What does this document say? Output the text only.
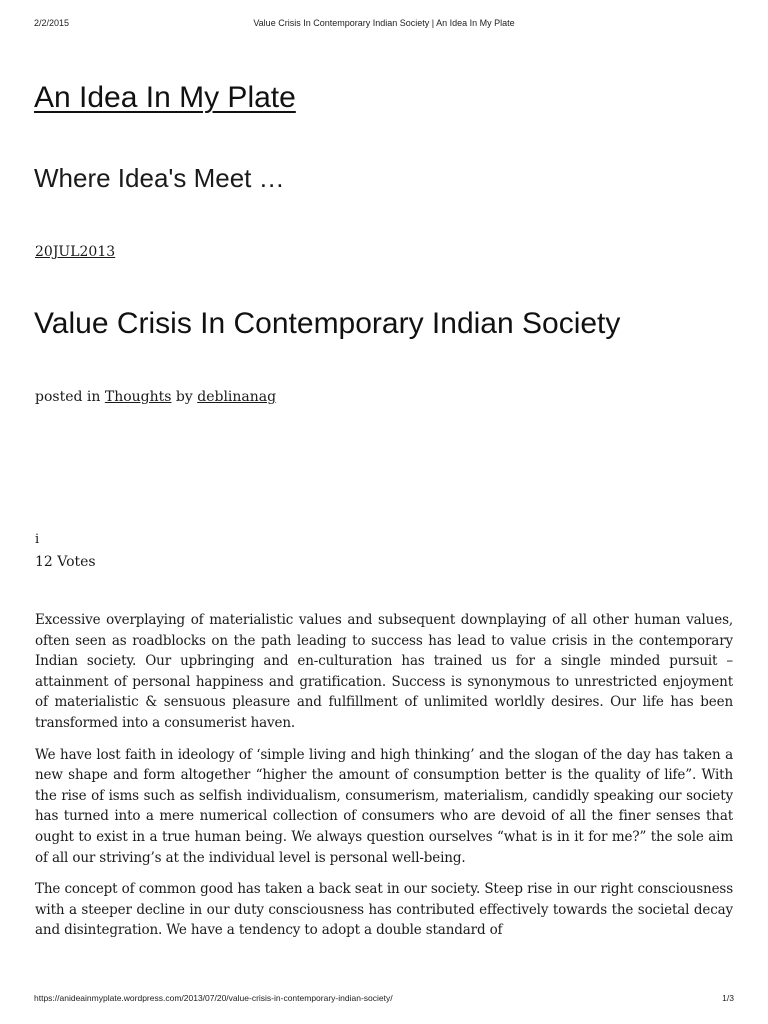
2/2/2015	Value Crisis In Contemporary Indian Society | An Idea In My Plate
An Idea In My Plate
Where Idea's Meet …
20JUL2013
Value Crisis In Contemporary Indian Society
posted in Thoughts by deblinanag
i
12 Votes

Excessive overplaying of materialistic values and subsequent downplaying of all other human values, often seen as roadblocks on the path leading to success has lead to value crisis in the contemporary Indian society. Our upbringing and en-culturation has trained us for a single minded pursuit – attainment of personal happiness and gratification. Success is synonymous to unrestricted enjoyment of materialistic & sensuous pleasure and fulfillment of unlimited worldly desires. Our life has been transformed into a consumerist haven.

We have lost faith in ideology of ‘simple living and high thinking’ and the slogan of the day has taken a new shape and form altogether “higher the amount of consumption better is the quality of life”. With the rise of isms such as selfish individualism, consumerism, materialism, candidly speaking our society has turned into a mere numerical collection of consumers who are devoid of all the finer senses that ought to exist in a true human being. We always question ourselves “what is in it for me?” the sole aim of all our striving’s at the individual level is personal well-being.

The concept of common good has taken a back seat in our society. Steep rise in our right consciousness with a steeper decline in our duty consciousness has contributed effectively towards the societal decay and disintegration. We have a tendency to adopt a double standard of

https://anideainmyplate.wordpress.com/2013/07/20/value-crisis-in-contemporary-indian-society/	1/3
